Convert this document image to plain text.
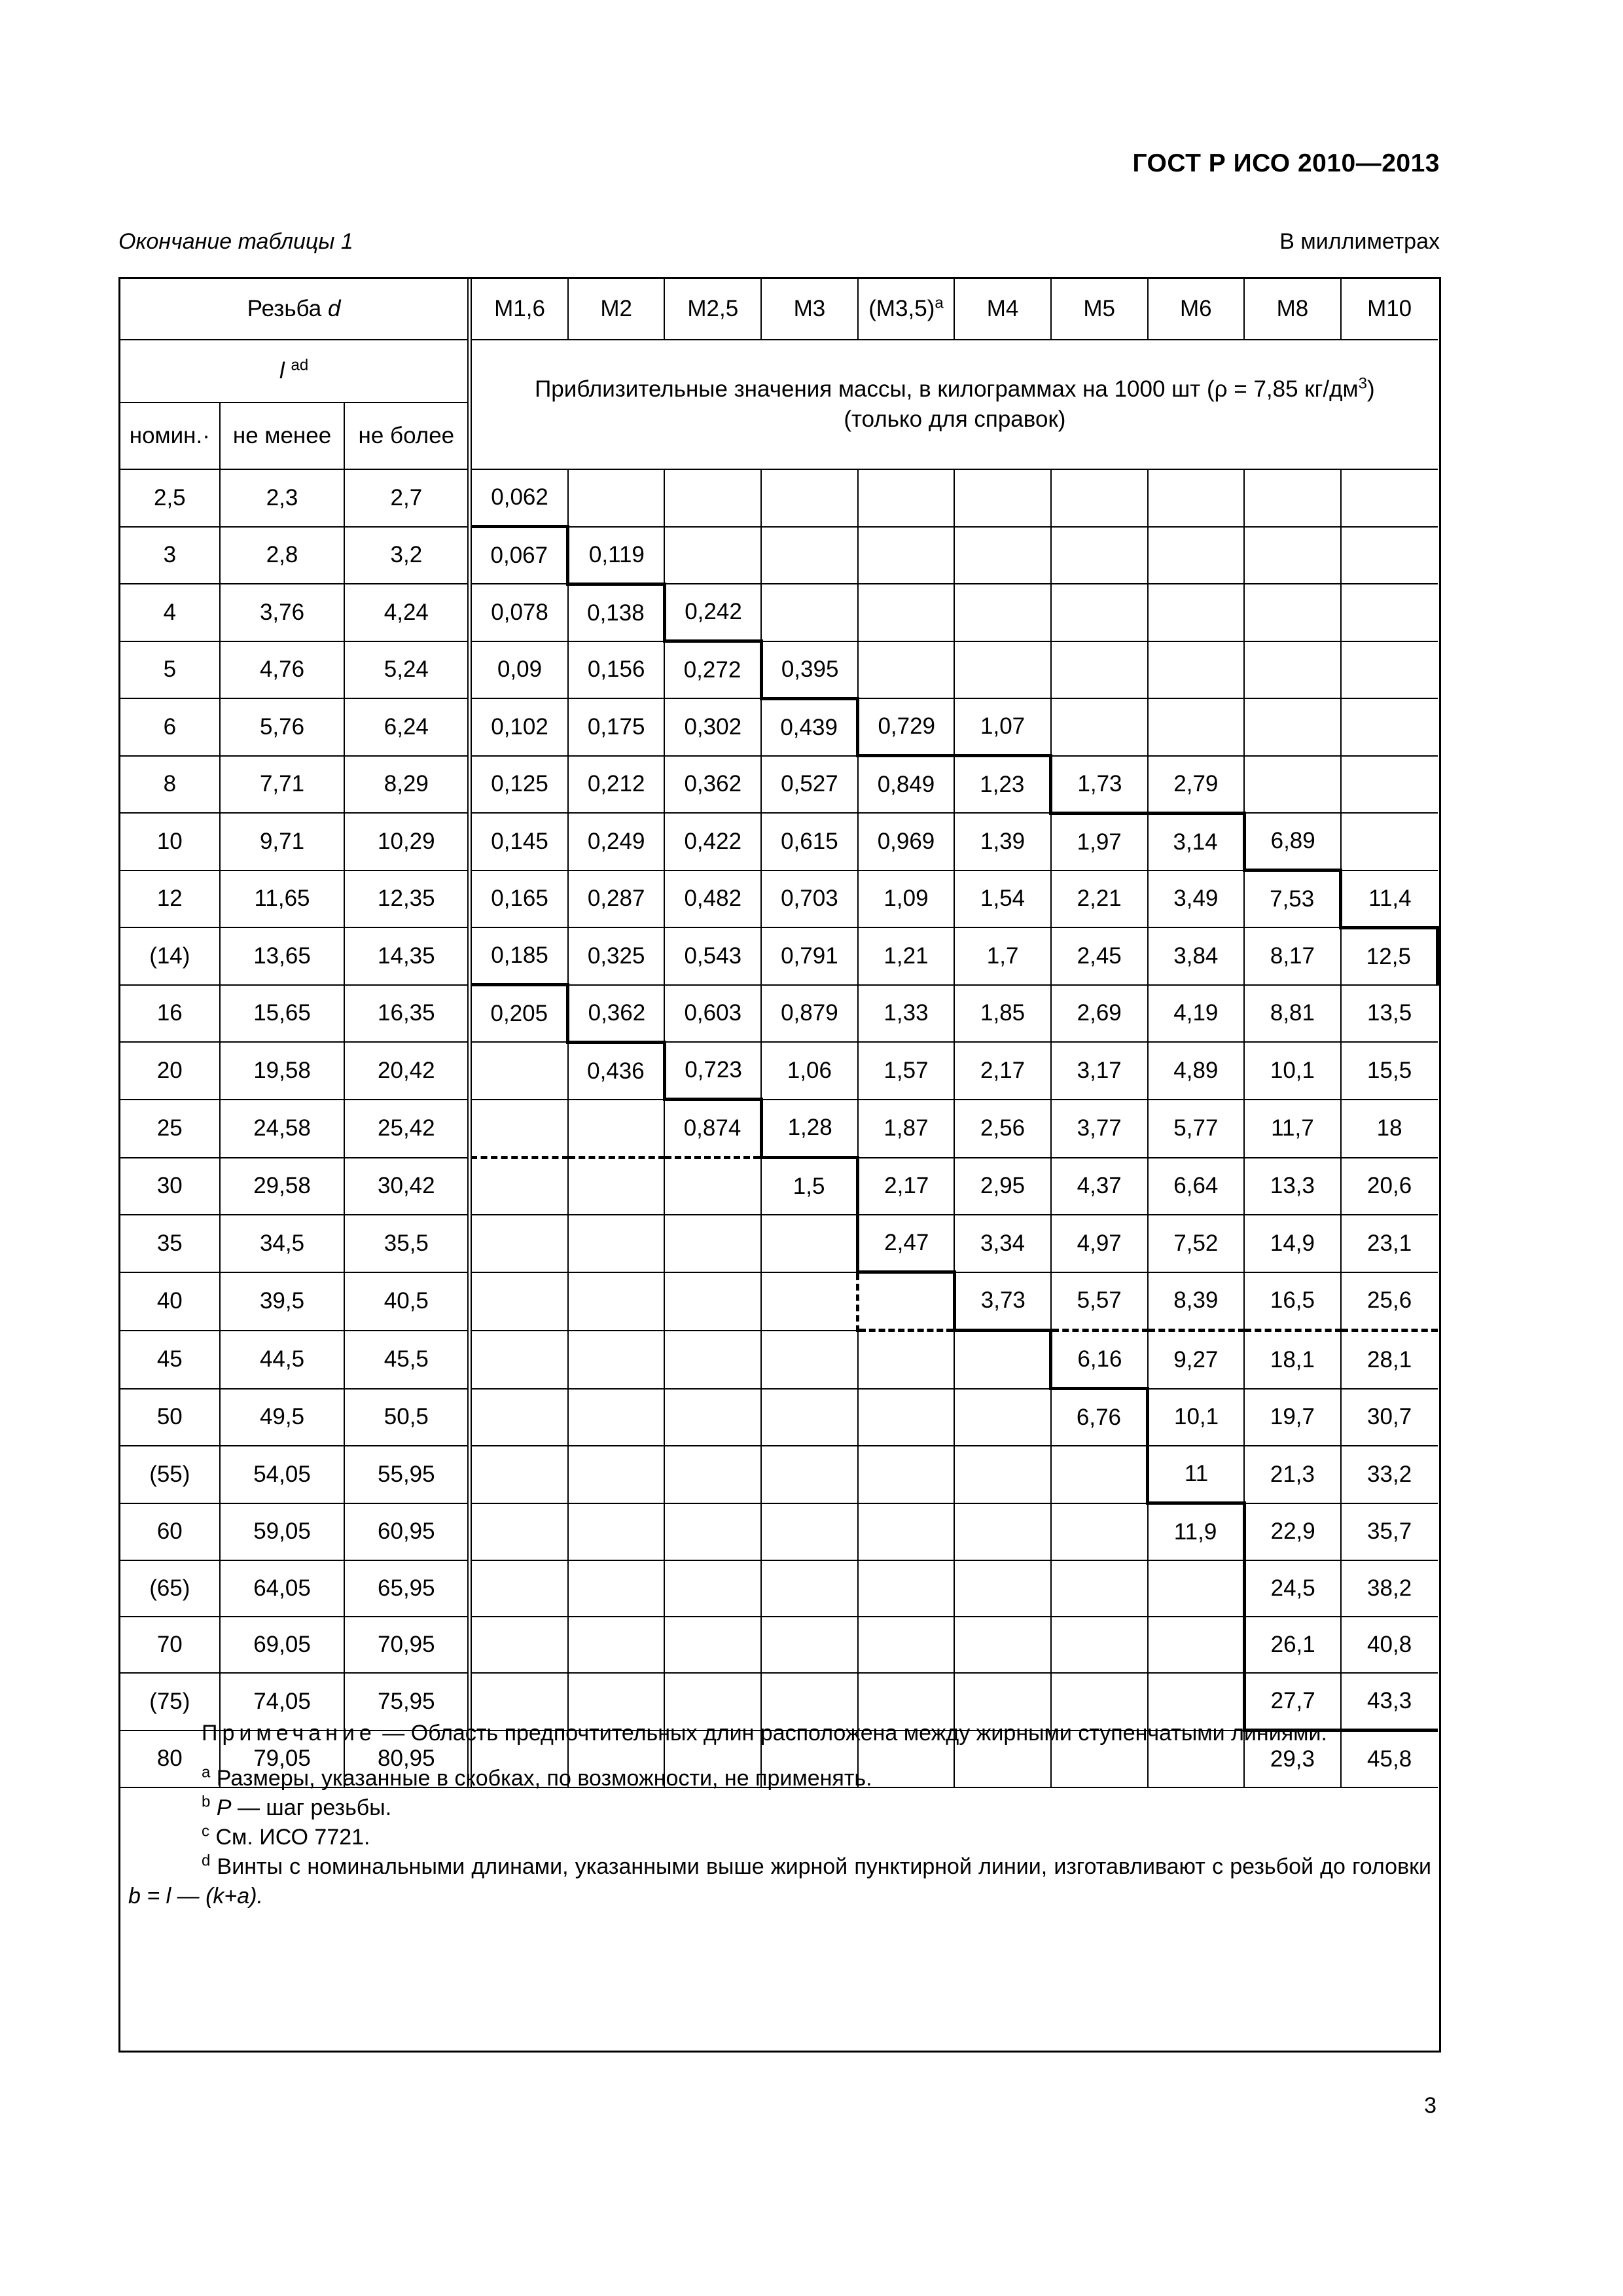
ГОСТ Р ИСО 2010—2013
Окончание таблицы 1	В миллиметрах
Резьба d				M1,6	M2	M2,5	M3	$(M3,5)^a$	M4	M5	M6	M8	M10
l $^{ad}$				Приблизительные значения массы, в килограммах на 1000 шт (ρ = 7,85 $кг/дм^3$)
(только для справок)									
номин.·	не менее	не более											
2,5	2,3	2,7		0,062									
3	2,8	3,2		0,067	0,119								
4	3,76	4,24		0,078	0,138	0,242							
5	4,76	5,24		0,09	0,156	0,272	0,395						
6	5,76	6,24		0,102	0,175	0,302	0,439	0,729	1,07				
8	7,71	8,29		0,125	0,212	0,362	0,527	0,849	1,23	1,73	2,79		
10	9,71	10,29		0,145	0,249	0,422	0,615	0,969	1,39	1,97	3,14	6,89	
12	11,65	12,35		0,165	0,287	0,482	0,703	1,09	1,54	2,21	3,49	7,53	11,4
(14)	13,65	14,35		0,185	0,325	0,543	0,791	1,21	1,7	2,45	3,84	8,17	12,5
16	15,65	16,35		0,205	0,362	0,603	0,879	1,33	1,85	2,69	4,19	8,81	13,5
20	19,58	20,42			0,436	0,723	1,06	1,57	2,17	3,17	4,89	10,1	15,5
25	24,58	25,42				0,874	1,28	1,87	2,56	3,77	5,77	11,7	18
30	29,58	30,42					1,5	2,17	2,95	4,37	6,64	13,3	20,6
35	34,5	35,5						2,47	3,34	4,97	7,52	14,9	23,1
40	39,5	40,5							3,73	5,57	8,39	16,5	25,6
45	44,5	45,5								6,16	9,27	18,1	28,1
50	49,5	50,5								6,76	10,1	19,7	30,7
(55)	54,05	55,95									11	21,3	33,2
60	59,05	60,95									11,9	22,9	35,7
(65)	64,05	65,95										24,5	38,2
70	69,05	70,95										26,1	40,8
(75)	74,05	75,95										27,7	43,3
80	79,05	80,95										29,3	45,8

Примечание — Область предпочтительных длин расположена между жирными ступенчатыми линиями.

$^a$ Размеры, указанные в скобках, по возможности, не применять.

$^b$ P — шаг резьбы.

$^c$ См. ИСО 7721.

$^d$ Винты с номинальными длинами, указанными выше жирной пунктирной линии, изготавливают с резьбой до головки b = l — (k+a).

3
